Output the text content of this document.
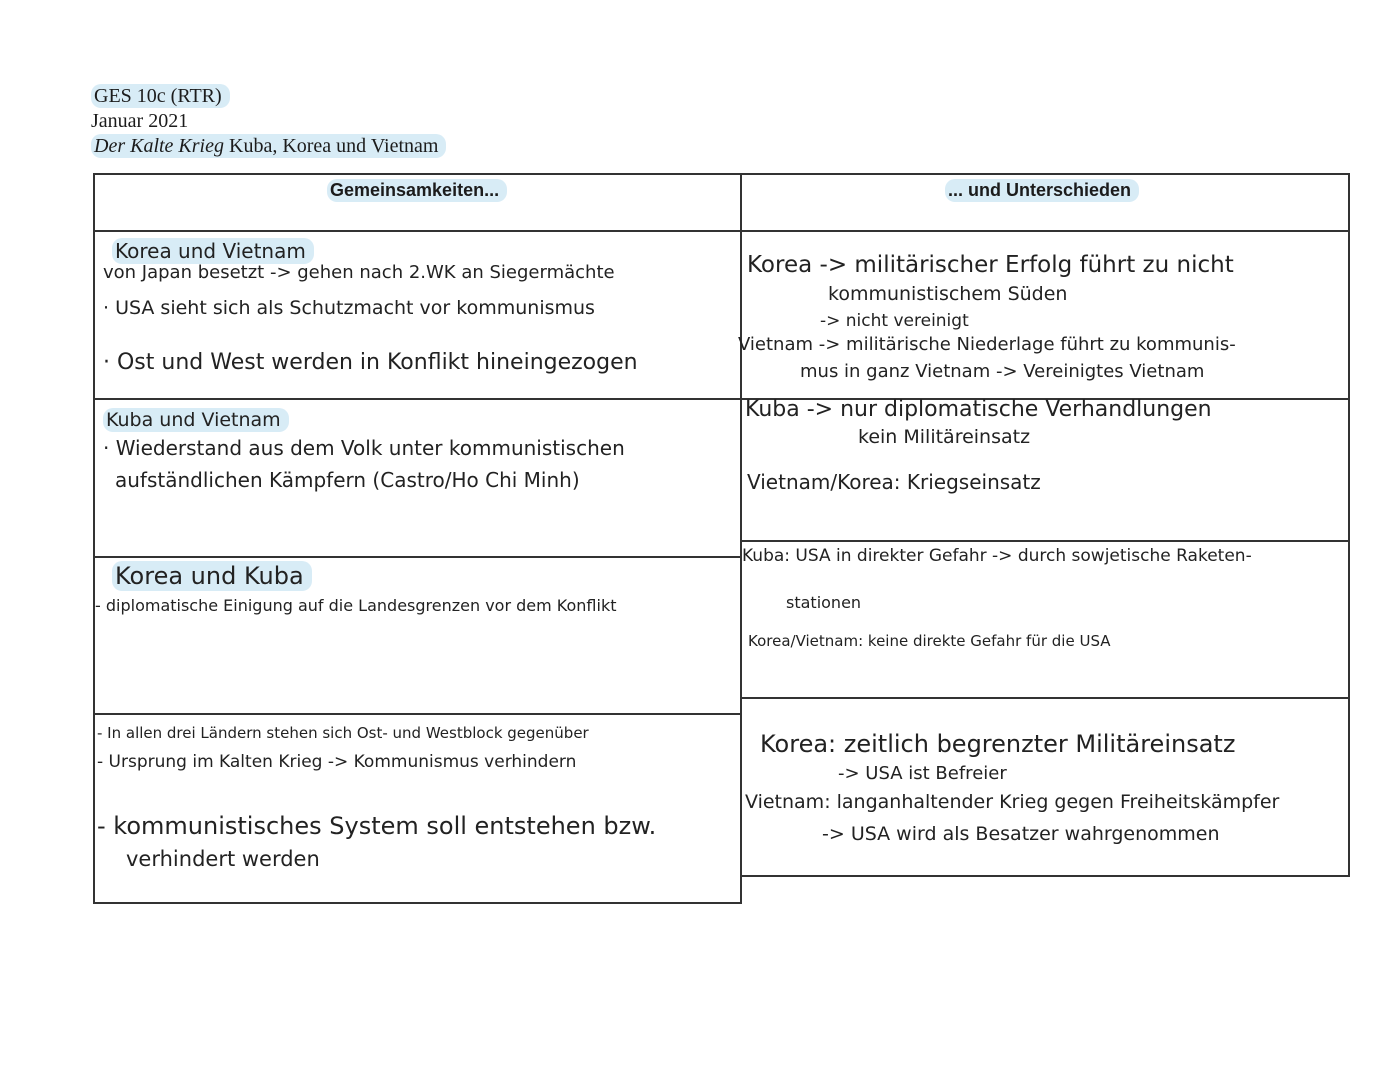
GES 10c (RTR)
Januar 2021
Der Kalte Krieg Kuba, Korea und Vietnam
Gemeinsamkeiten...	... und Unterschieden
Korea und Vietnam
von Japan besetzt -> gehen nach 2.WK an Siegermächte
· USA sieht sich als Schutzmacht vor kommunismus
· Ost und West werden in Konflikt hineingezogen
Korea -> militärischer Erfolg führt zu nicht
kommunistischem Süden
-> nicht vereinigt
Vietnam -> militärische Niederlage führt zu kommunis-
mus in ganz Vietnam -> Vereinigtes Vietnam
Kuba und Vietnam
· Wiederstand aus dem Volk unter kommunistischen
aufständlichen Kämpfern (Castro/Ho Chi Minh)
Kuba -> nur diplomatische Verhandlungen
kein Militäreinsatz
Vietnam/Korea: Kriegseinsatz
Korea und Kuba
- diplomatische Einigung auf die Landesgrenzen vor dem Konflikt
Kuba: USA in direkter Gefahr -> durch sowjetische Raketen-
stationen
Korea/Vietnam: keine direkte Gefahr für die USA
- In allen drei Ländern stehen sich Ost- und Westblock gegenüber
- Ursprung im Kalten Krieg -> Kommunismus verhindern
- kommunistisches System soll entstehen bzw.
verhindert werden
Korea: zeitlich begrenzter Militäreinsatz
-> USA ist Befreier
Vietnam: langanhaltender Krieg gegen Freiheitskämpfer
-> USA wird als Besatzer wahrgenommen
